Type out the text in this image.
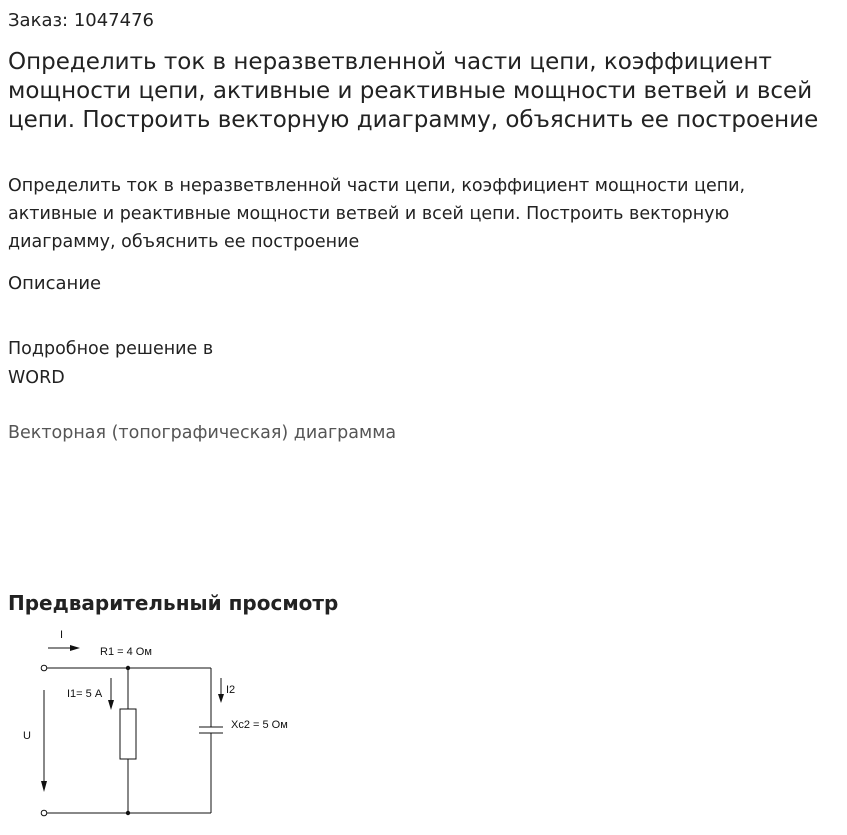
Заказ: 1047476
Определить ток в неразветвленной части цепи, коэффициент мощности цепи, активные и реактивные мощности ветвей и всей цепи. Построить векторную диаграмму, объяснить ее построение
Определить ток в неразветвленной части цепи, коэффициент мощности цепи, активные и реактивные мощности ветвей и всей цепи. Построить векторную диаграмму, объяснить ее построение
Описание
Подробное решение в
WORD
Векторная (топографическая) диаграмма
Предварительный просмотр
I
R1 = 4 Ом
I1= 5 А	I2
U
Xc2 = 5 Ом
